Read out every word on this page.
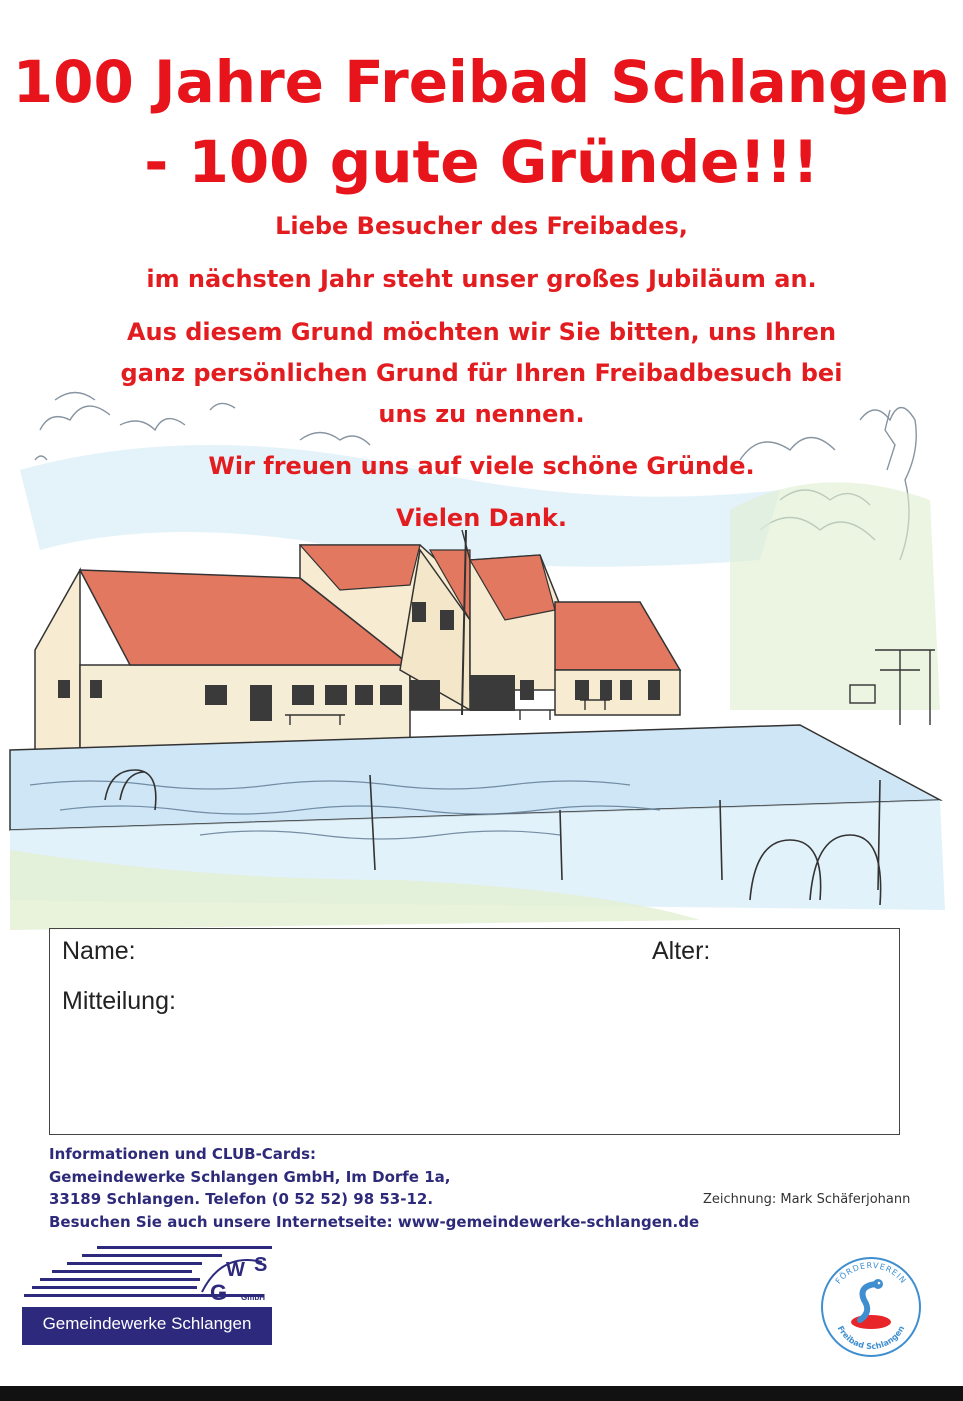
100 Jahre Freibad Schlangen
- 100 gute Gründe!!!
Liebe Besucher des Freibades,
im nächsten Jahr steht unser großes Jubiläum an.
Aus diesem Grund möchten wir Sie bitten, uns Ihren
ganz persönlichen Grund für Ihren Freibadbesuch bei
uns zu nennen.
Wir freuen uns auf viele schöne Gründe.
Vielen Dank.
Name:	Alter:
Mitteilung:
Informationen und CLUB-Cards:
Gemeindewerke Schlangen GmbH, Im Dorfe 1a,
33189 Schlangen. Telefon (0 52 52) 98 53-12.
Besuchen Sie auch unsere Internetseite: www-gemeindewerke-schlangen.de
Zeichnung: Mark Schäferjohann
W S
G GmbH
Gemeindewerke Schlangen
FÖRDERVEREIN
Freibad Schlangen
